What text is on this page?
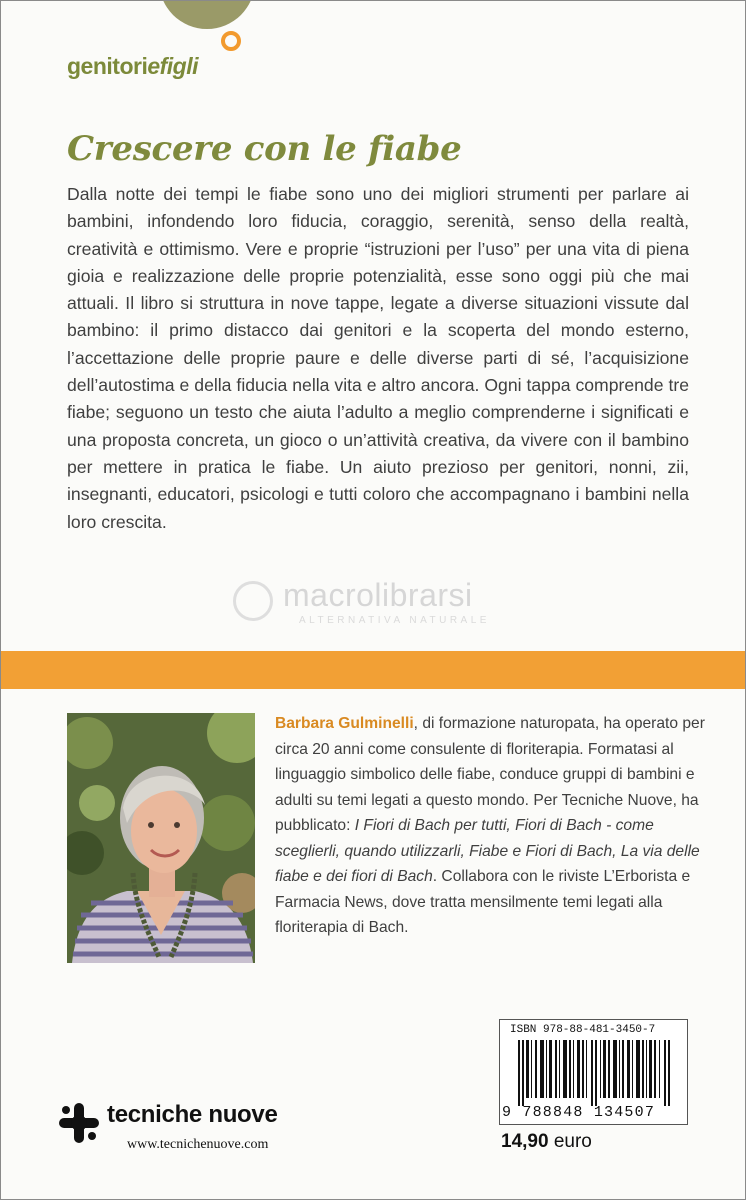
genitoriefigli
Crescere con le fiabe
Dalla notte dei tempi le fiabe sono uno dei migliori strumenti per parlare ai bambini, infondendo loro fiducia, coraggio, serenità, senso della realtà, creatività e ottimismo. Vere e proprie “istruzioni per l’uso” per una vita di piena gioia e realizzazione delle proprie potenzialità, esse sono oggi più che mai attuali. Il libro si struttura in nove tappe, legate a diverse situazioni vissute dal bambino: il primo distacco dai genitori e la scoperta del mondo esterno, l’accettazione delle proprie paure e delle diverse parti di sé, l’acquisizione dell’autostima e della fiducia nella vita e altro ancora. Ogni tappa comprende tre fiabe; seguono un testo che aiuta l’adulto a meglio comprenderne i significati e una proposta concreta, un gioco o un’attività creativa, da vivere con il bambino per mettere in pratica le fiabe. Un aiuto prezioso per genitori, nonni, zii, insegnanti, educatori, psicologi e tutti coloro che accompagnano i bambini nella loro crescita.
macrolibrarsi
ALTERNATIVA NATURALE
Barbara Gulminelli, di formazione naturopata, ha operato per circa 20 anni come consulente di floriterapia. Formatasi al linguaggio simbolico delle fiabe, conduce gruppi di bambini e adulti su temi legati a questo mondo. Per Tecniche Nuove, ha pubblicato: I Fiori di Bach per tutti, Fiori di Bach - come sceglierli, quando utilizzarli, Fiabe e Fiori di Bach, La via delle fiabe e dei fiori di Bach. Collabora con le riviste L’Erborista e Farmacia News, dove tratta mensilmente temi legati alla floriterapia di Bach.
tecniche nuove
www.tecnichenuove.com
ISBN 978-88-481-3450-7
9 788848 134507
14,90 euro
